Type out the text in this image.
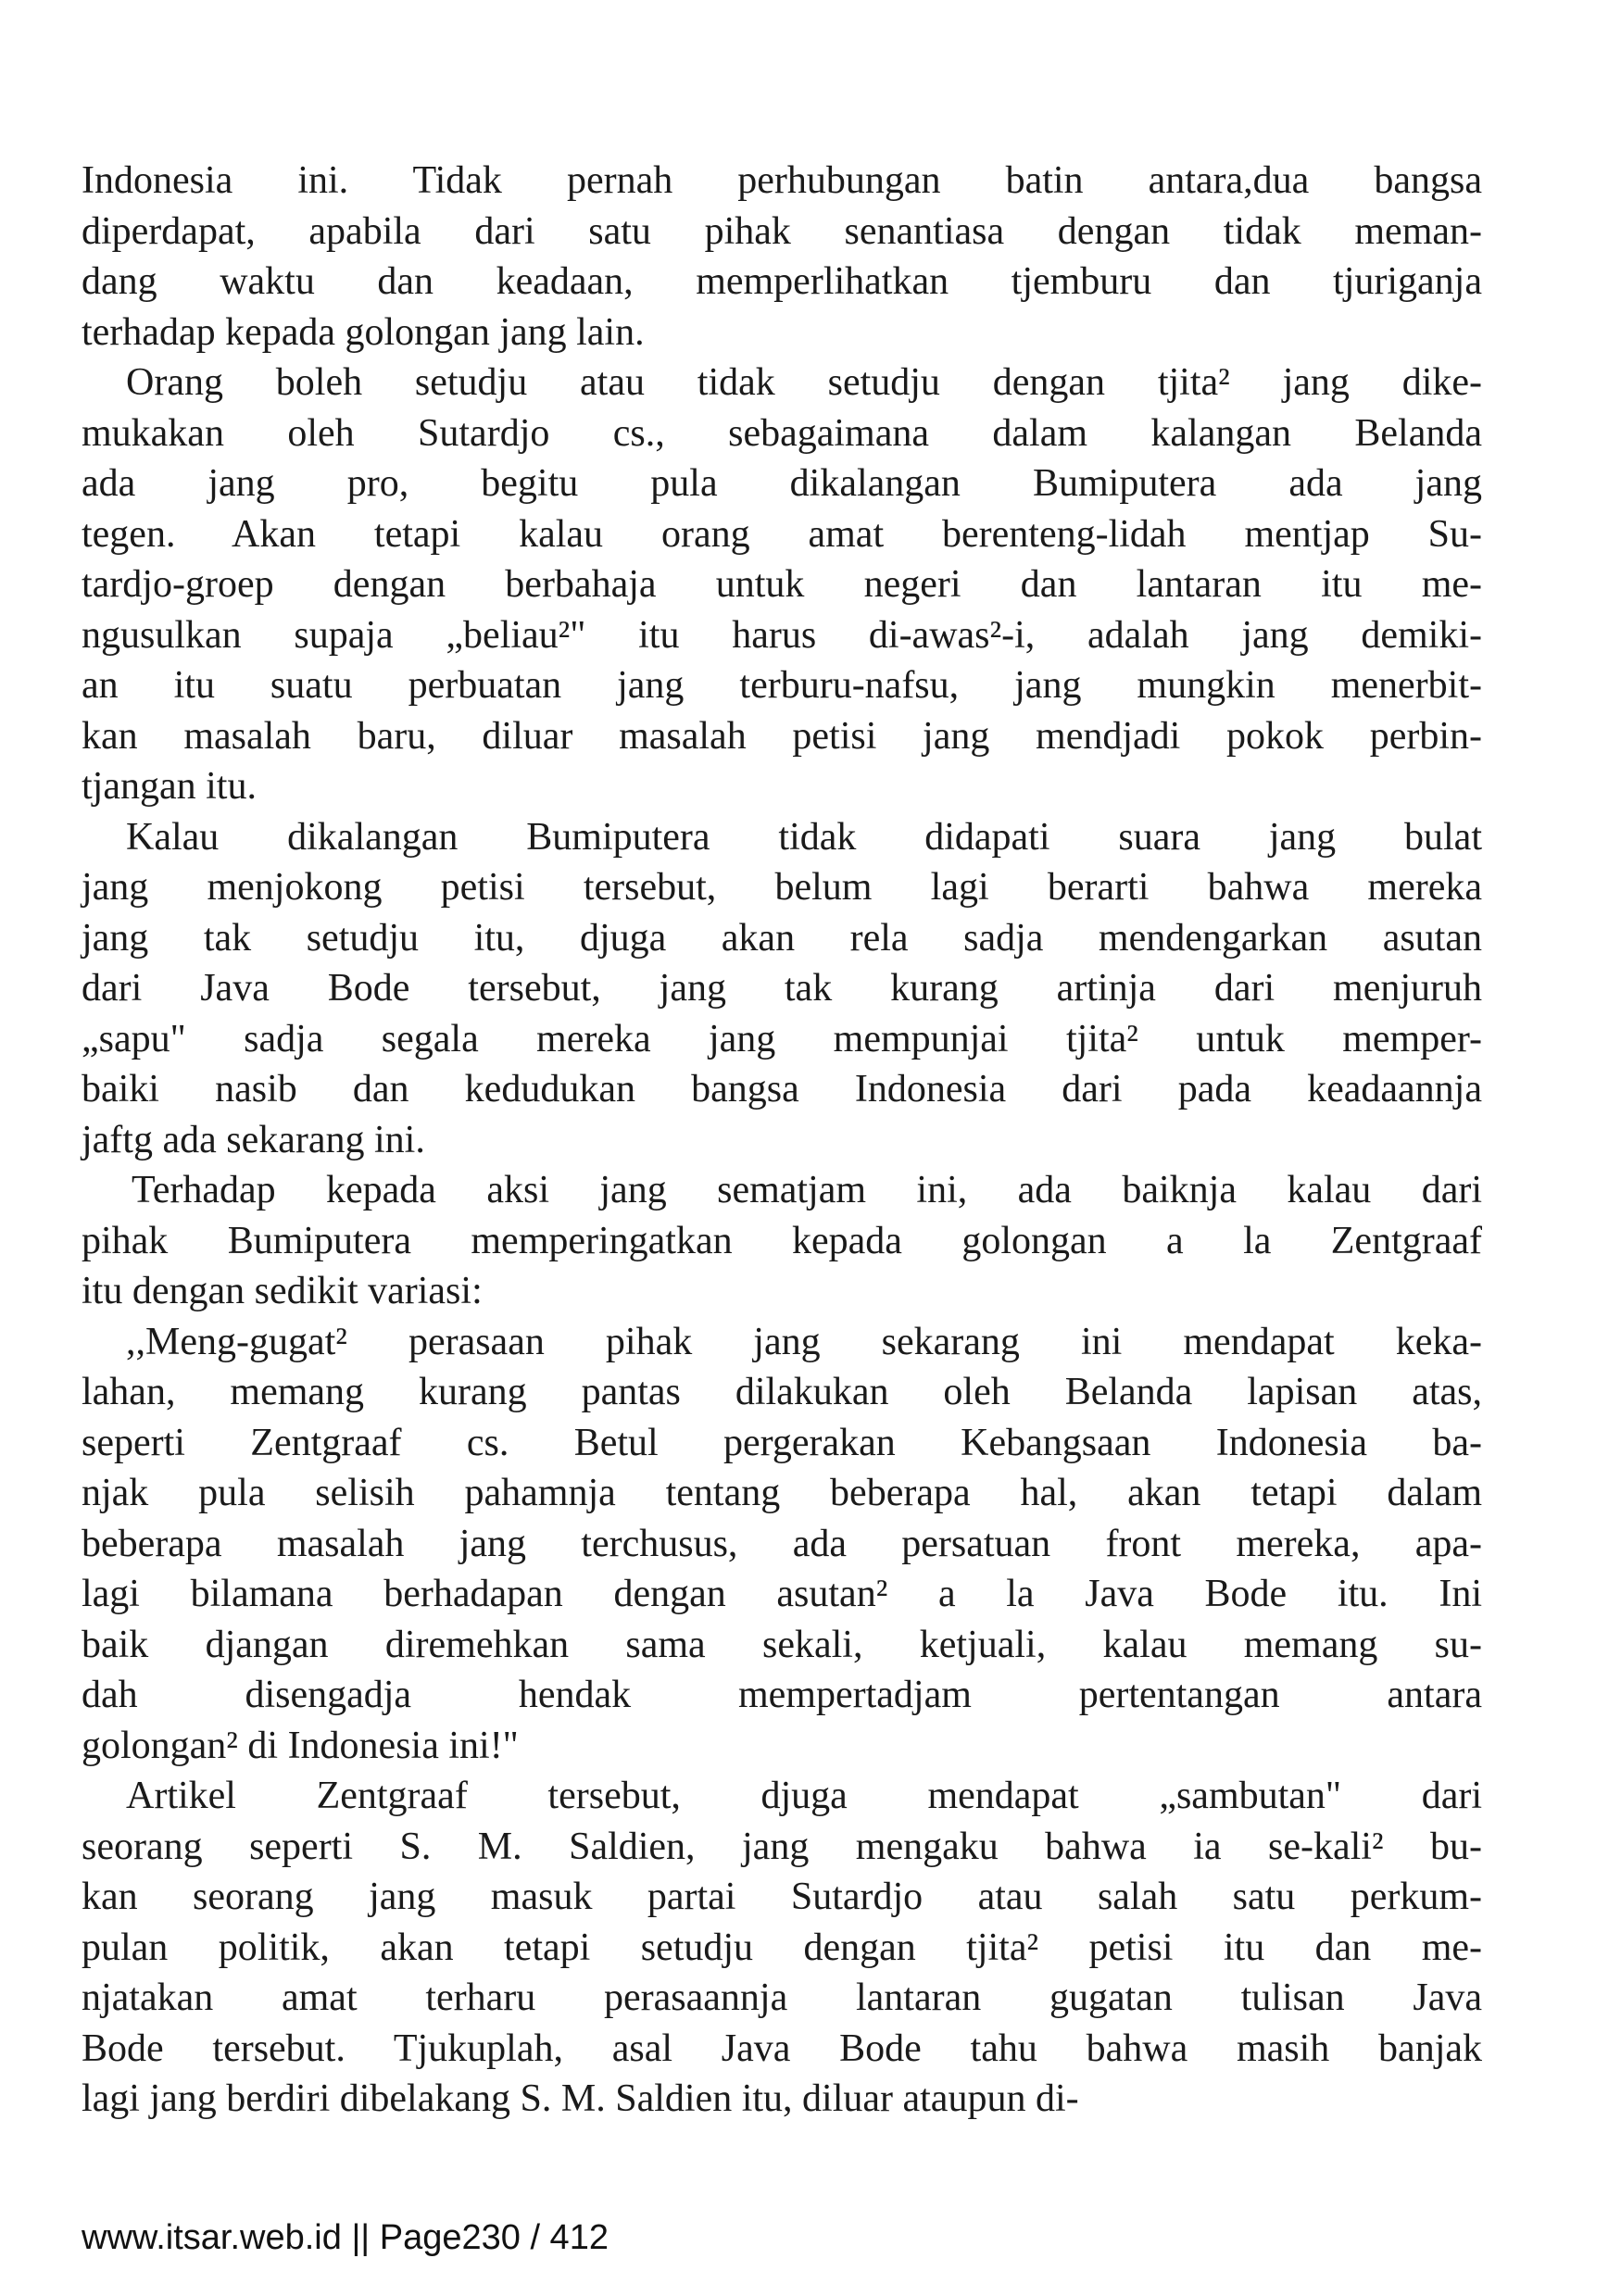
Indonesia ini. Tidak pernah perhubungan batin antara,dua bangsa
diperdapat, apabila dari satu pihak senantiasa dengan tidak meman-
dang waktu dan keadaan, memperlihatkan tjemburu dan tjuriganja
terhadap kepada golongan jang lain.
Orang boleh setudju atau tidak setudju dengan tjita² jang dike-
mukakan oleh Sutardjo cs., sebagaimana dalam kalangan Belanda
ada jang pro, begitu pula dikalangan Bumiputera ada jang
tegen. Akan tetapi kalau orang amat berenteng-lidah mentjap Su-
tardjo-groep dengan berbahaja untuk negeri dan lantaran itu me-
ngusulkan supaja „beliau²" itu harus di-awas²-i, adalah jang demiki-
an itu suatu perbuatan jang terburu-nafsu, jang mungkin menerbit-
kan masalah baru, diluar masalah petisi jang mendjadi pokok perbin-
tjangan itu.
Kalau dikalangan Bumiputera tidak didapati suara jang bulat
jang menjokong petisi tersebut, belum lagi berarti bahwa mereka
jang tak setudju itu, djuga akan rela sadja mendengarkan asutan
dari Java Bode tersebut, jang tak kurang artinja dari menjuruh
„sapu" sadja segala mereka jang mempunjai tjita² untuk memper-
baiki nasib dan kedudukan bangsa Indonesia dari pada keadaannja
jaftg ada sekarang ini.
Terhadap kepada aksi jang sematjam ini, ada baiknja kalau dari
pihak Bumiputera memperingatkan kepada golongan a la Zentgraaf
itu dengan sedikit variasi:
,,Meng-gugat² perasaan pihak jang sekarang ini mendapat keka-
lahan, memang kurang pantas dilakukan oleh Belanda lapisan atas,
seperti Zentgraaf cs. Betul pergerakan Kebangsaan Indonesia ba-
njak pula selisih pahamnja tentang beberapa hal, akan tetapi dalam
beberapa masalah jang terchusus, ada persatuan front mereka, apa-
lagi bilamana berhadapan dengan asutan² a la Java Bode itu. Ini
baik djangan diremehkan sama sekali, ketjuali, kalau memang su-
dah disengadja hendak mempertadjam pertentangan antara
golongan² di Indonesia ini!"
Artikel Zentgraaf tersebut, djuga mendapat „sambutan" dari
seorang seperti S. M. Saldien, jang mengaku bahwa ia se-kali² bu-
kan seorang jang masuk partai Sutardjo atau salah satu perkum-
pulan politik, akan tetapi setudju dengan tjita² petisi itu dan me-
njatakan amat terharu perasaannja lantaran gugatan tulisan Java
Bode tersebut. Tjukuplah, asal Java Bode tahu bahwa masih banjak
lagi jang berdiri dibelakang S. M. Saldien itu, diluar ataupun di-
www.itsar.web.id || Page230 / 412
